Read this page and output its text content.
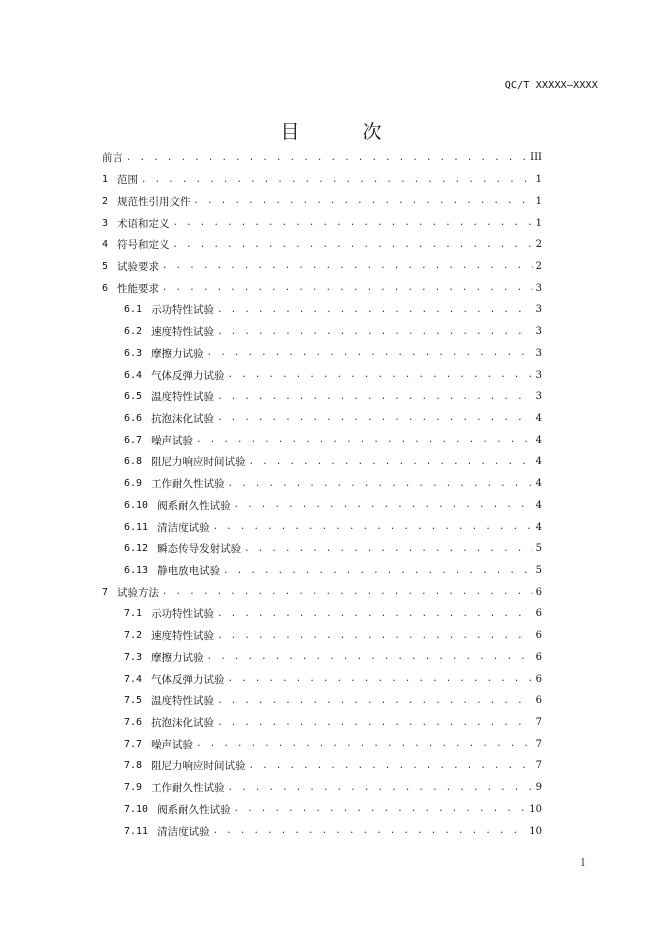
QC/T XXXXX—XXXX
目　次
前言 . . .	III
1 范围 . . .	1
2 规范性引用文件 . . .	1
3 术语和定义 . . .	1
4 符号和定义 . . .	2
5 试验要求 . . .	2
6 性能要求 . . .	3
6.1 示功特性试验 . . .	3
6.2 速度特性试验 . . .	3
6.3 摩擦力试验 . . .	3
6.4 气体反弹力试验 . . .	3
6.5 温度特性试验 . . .	3
6.6 抗泡沫化试验 . . .	4
6.7 噪声试验 . . .	4
6.8 阻尼力响应时间试验 . . .	4
6.9 工作耐久性试验 . . .	4
6.10 阀系耐久性试验 . . .	4
6.11 清洁度试验 . . .	4
6.12 瞬态传导发射试验 . . .	5
6.13 静电放电试验 . . .	5
7 试验方法 . . .	6
7.1 示功特性试验 . . .	6
7.2 速度特性试验 . . .	6
7.3 摩擦力试验 . . .	6
7.4 气体反弹力试验 . . .	6
7.5 温度特性试验 . . .	6
7.6 抗泡沫化试验 . . .	7
7.7 噪声试验 . . .	7
7.8 阻尼力响应时间试验 . . .	7
7.9 工作耐久性试验 . . .	9
7.10 阀系耐久性试验 . . .	10
7.11 清洁度试验 . . .	10
I
